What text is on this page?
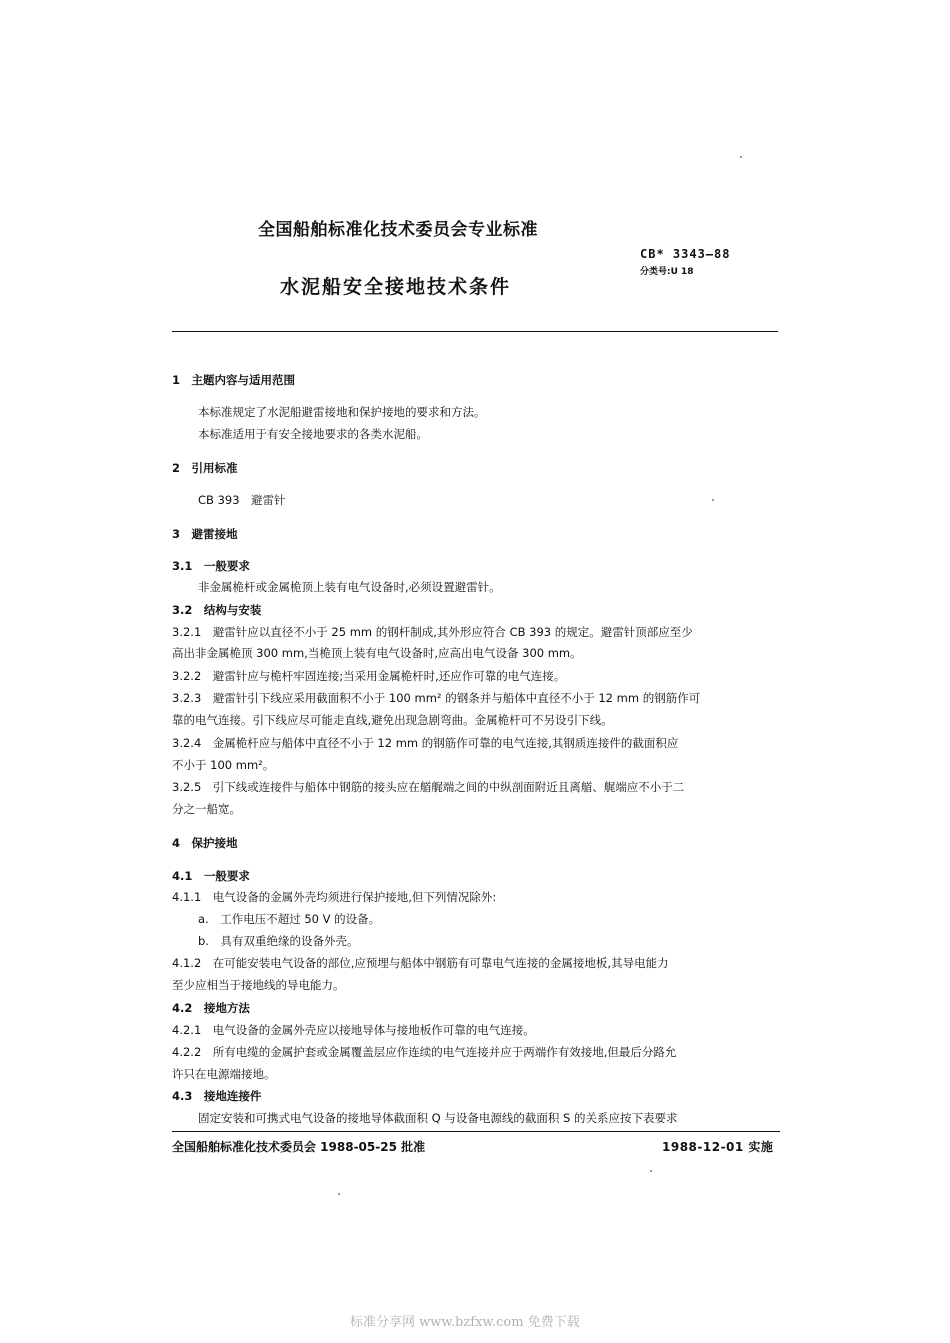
全国船舶标准化技术委员会专业标准
CB* 3343—88
分类号:U 18
水泥船安全接地技术条件
1　主题内容与适用范围
本标准规定了水泥船避雷接地和保护接地的要求和方法。
本标准适用于有安全接地要求的各类水泥船。
2　引用标准
CB 393　避雷针
3　避雷接地
3.1　一般要求
非金属桅杆或金属桅顶上装有电气设备时,必须设置避雷针。
3.2　结构与安装
3.2.1　避雷针应以直径不小于 25 mm 的钢杆制成,其外形应符合 CB 393 的规定。避雷针顶部应至少
高出非金属桅顶 300 mm,当桅顶上装有电气设备时,应高出电气设备 300 mm。
3.2.2　避雷针应与桅杆牢固连接;当采用金属桅杆时,还应作可靠的电气连接。
3.2.3　避雷针引下线应采用截面积不小于 100 mm² 的钢条并与船体中直径不小于 12 mm 的钢筋作可
靠的电气连接。引下线应尽可能走直线,避免出现急剧弯曲。金属桅杆可不另设引下线。
3.2.4　金属桅杆应与船体中直径不小于 12 mm 的钢筋作可靠的电气连接,其钢质连接件的截面积应
不小于 100 mm²。
3.2.5　引下线或连接件与船体中钢筋的接头应在艏艉端之间的中纵剖面附近且离艏、艉端应不小于二
分之一船宽。
4　保护接地
4.1　一般要求
4.1.1　电气设备的金属外壳均须进行保护接地,但下列情况除外:
a.　工作电压不超过 50 V 的设备。
b.　具有双重绝缘的设备外壳。
4.1.2　在可能安装电气设备的部位,应预埋与船体中钢筋有可靠电气连接的金属接地板,其导电能力
至少应相当于接地线的导电能力。
4.2　接地方法
4.2.1　电气设备的金属外壳应以接地导体与接地板作可靠的电气连接。
4.2.2　所有电缆的金属护套或金属覆盖层应作连续的电气连接并应于两端作有效接地,但最后分路允
许只在电源端接地。
4.3　接地连接件
固定安装和可携式电气设备的接地导体截面积 Q 与设备电源线的截面积 S 的关系应按下表要求
全国船舶标准化技术委员会 1988-05-25 批准	1988-12-01 实施
标准分享网 www.bzfxw.com 免费下载
